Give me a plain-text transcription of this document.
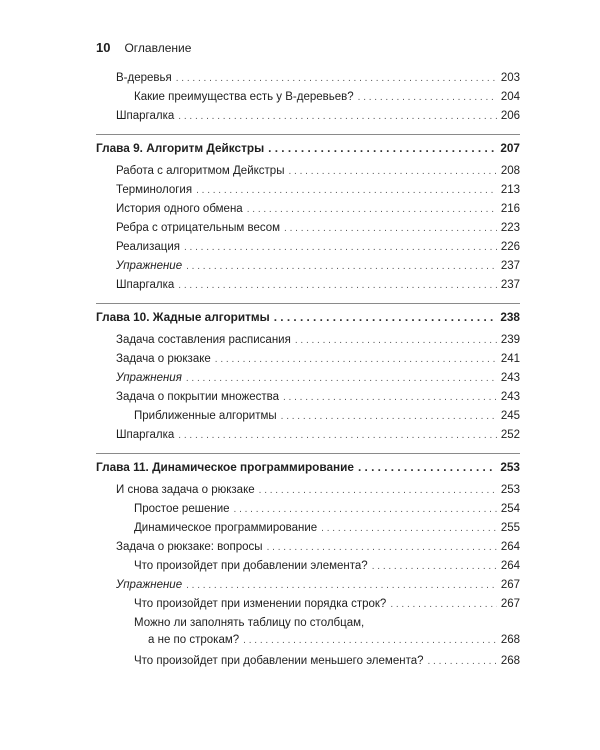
10 Оглавление
В-деревья . . .	203
Какие преимущества есть у В-деревьев? . . .	204
Шпаргалка . . .	206
Глава 9. Алгоритм Дейкстры . . .	207
Работа с алгоритмом Дейкстры . . .	208
Терминология . . .	213
История одного обмена . . .	216
Ребра с отрицательным весом . . .	223
Реализация . . .	226
Упражнение . . .	237
Шпаргалка . . .	237
Глава 10. Жадные алгоритмы . . .	238
Задача составления расписания . . .	239
Задача о рюкзаке . . .	241
Упражнения . . .	243
Задача о покрытии множества . . .	243
Приближенные алгоритмы . . .	245
Шпаргалка . . .	252
Глава 11. Динамическое программирование . . .	253
И снова задача о рюкзаке . . .	253
Простое решение . . .	254
Динамическое программирование . . .	255
Задача о рюкзаке: вопросы . . .	264
Что произойдет при добавлении элемента? . . .	264
Упражнение . . .	267
Что произойдет при изменении порядка строк? . . .	267
Можно ли заполнять таблицу по столбцам,
а не по строкам? . . .	268
Что произойдет при добавлении меньшего элемента? . . .	268
